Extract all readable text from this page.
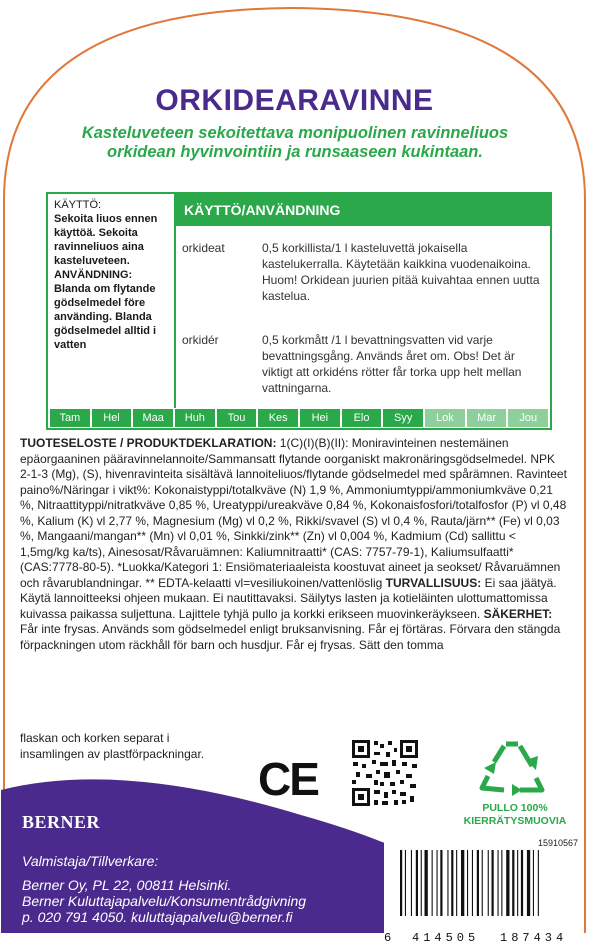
ORKIDEARAVINNE
Kasteluveteen sekoitettava monipuolinen ravinneliuos orkidean hyvinvointiin ja runsaaseen kukintaan.
KÄYTTÖ:
Sekoita liuos ennen käyttöä. Sekoita ravinneliuos aina kasteluveteen.
ANVÄNDNING:
Blanda om flytande gödselmedel före använding. Blanda gödselmedel alltid i vatten
KÄYTTÖ/ANVÄNDNING
orkideat	0,5 korkillista/1 l kasteluvettä jokaisella kastelukerralla. Käytetään kaikkina vuodenaikoina. Huom! Orkidean juurien pitää kuivahtaa ennen uutta kastelua.
orkidér	0,5 korkmått /1 l bevattningsvatten vid varje bevattningsgång. Används året om. Obs! Det är viktigt att orkidéns rötter får torka upp helt mellan vattningarna.
Tam	Hel	Maa	Huh	Tou	Kes	Hei	Elo	Syy	Lok	Mar	Jou
TUOTESELOSTE / PRODUKTDEKLARATION: 1(C)(I)(B)(II): Moniravinteinen nestemäinen epäorgaaninen pääravinnelannoite/Sammansatt flytande oorganiskt makronäringsgödselmedel. NPK 2-1-3 (Mg), (S), hivenravinteita sisältävä lannoiteliuos/flytande gödselmedel med spårämnen. Ravinteet paino%/Näringar i vikt%: Kokonaistyppi/totalkväve (N) 1,9 %, Ammoniumtyppi/ammoniumkväve 0,21 %, Nitraattityppi/nitratkväve 0,85 %, Ureatyppi/ureakväve 0,84 %, Kokonaisfosfori/totalfosfor (P) vl 0,48 %, Kalium (K) vl 2,77 %, Magnesium (Mg) vl 0,2 %, Rikki/svavel (S) vl 0,4 %, Rauta/järn** (Fe) vl 0,03 %, Mangaani/mangan** (Mn) vl 0,01 %, Sinkki/zink** (Zn) vl 0,004 %, Kadmium (Cd) sallittu < 1,5mg/kg ka/ts), Ainesosat/Råvaruämnen: Kaliumnitraatti* (CAS: 7757-79-1), Kaliumsulfaatti* (CAS:7778-80-5). *Luokka/Kategori 1: Ensiömateriaaleista koostuvat aineet ja seokset/ Råvaruämnen och råvarublandningar. ** EDTA-kelaatti vl=vesiliukoinen/vattenlöslig TURVALLISUUS: Ei saa jäätyä. Käytä lannoitteeksi ohjeen mukaan. Ei nautittavaksi. Säilytys lasten ja kotieläinten ulottumattomissa kuivassa paikassa suljettuna. Lajittele tyhjä pullo ja korkki erikseen muovinkeräykseen. SÄKERHET: Får inte frysas. Används som gödselmedel enligt bruksanvisning. Får ej förtäras. Förvara den stängda förpackningen utom räckhåll för barn och husdjur. Får ej frysas. Sätt den tomma
flaskan och korken separat i insamlingen av plastförpackningar.	CE
PULLO 100% KIERRÄTYSMUOVIA
BERNER
Valmistaja/Tillverkare:
Berner Oy, PL 22, 00811 Helsinki.
Berner Kuluttajapalvelu/Konsumentrådgivning
p. 020 791 4050. kuluttajapalvelu@berner.fi
15910567
6 414505 187434
